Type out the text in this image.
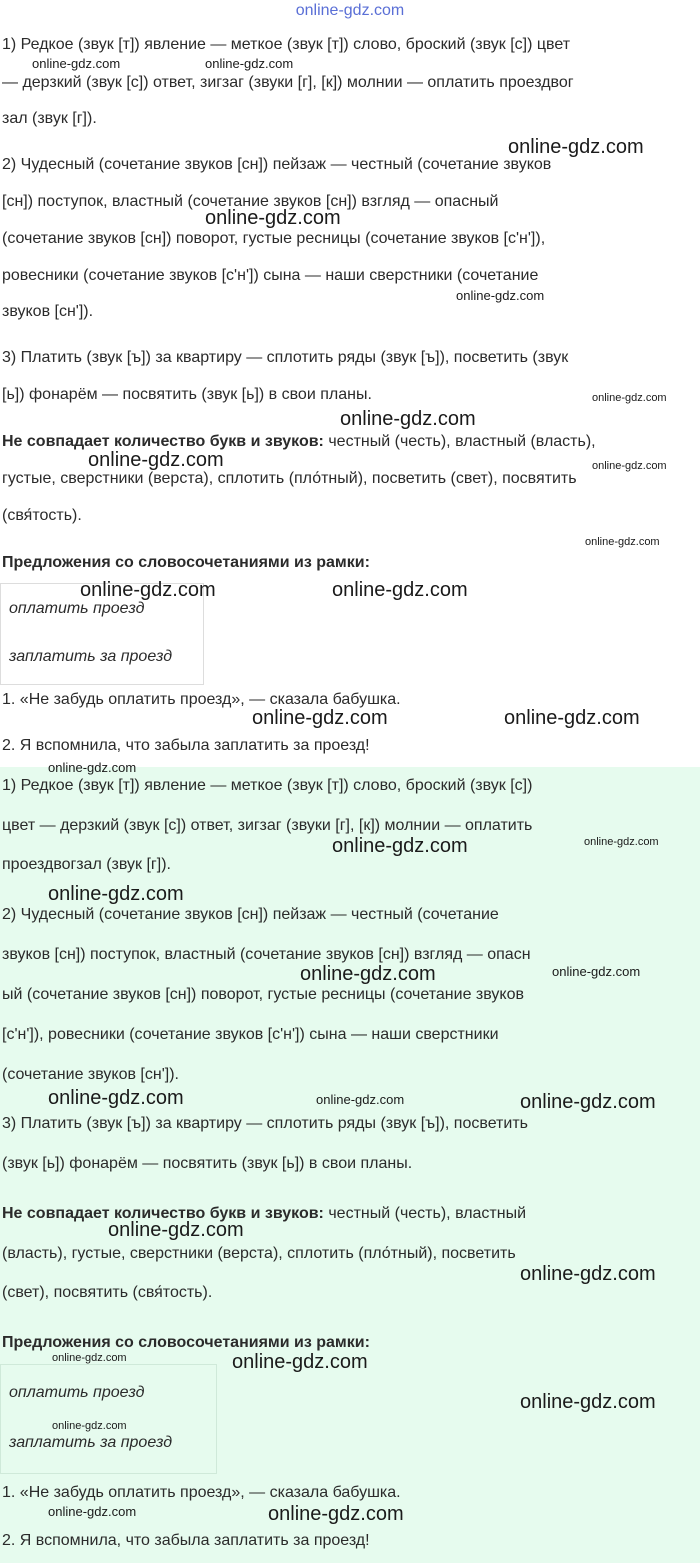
online-gdz.com
1) Редкое (звук [т]) явление — меткое (звук [т]) слово, броский (звук [с]) цвет
— дерзкий (звук [с]) ответ, зигзаг (звуки [г], [к]) молнии — оплатить проездвог
зал (звук [г]).
2) Чудесный (сочетание звуков [сн]) пейзаж — честный (сочетание звуков
[сн]) поступок, властный (сочетание звуков [сн]) взгляд — опасный
(сочетание звуков [сн]) поворот, густые ресницы (сочетание звуков [с'н']),
ровесники (сочетание звуков [с'н']) сына — наши сверстники (сочетание
звуков [сн']).
3) Платить (звук [ъ]) за квартиру — сплотить ряды (звук [ъ]), посветить (звук
[ь]) фонарём — посвятить (звук [ь]) в свои планы.
Не совпадает количество букв и звуков: честный (честь), властный (власть),
густые, сверстники (верста), сплотить (пло́тный), посветить (свет), посвятить
(свя́тость).
Предложения со словосочетаниями из рамки:
оплатить проезд
заплатить за проезд
1. «Не забудь оплатить проезд», — сказала бабушка.
2. Я вспомнила, что забыла заплатить за проезд!
1) Редкое (звук [т]) явление — меткое (звук [т]) слово, броский (звук [с])
цвет — дерзкий (звук [с]) ответ, зигзаг (звуки [г], [к]) молнии — оплатить
проездвогзал (звук [г]).
2) Чудесный (сочетание звуков [сн]) пейзаж — честный (сочетание
звуков [сн]) поступок, властный (сочетание звуков [сн]) взгляд — опасн
ый (сочетание звуков [сн]) поворот, густые ресницы (сочетание звуков
[с'н']), ровесники (сочетание звуков [с'н']) сына — наши сверстники
(сочетание звуков [сн']).
3) Платить (звук [ъ]) за квартиру — сплотить ряды (звук [ъ]), посветить
(звук [ь]) фонарём — посвятить (звук [ь]) в свои планы.
Не совпадает количество букв и звуков: честный (честь), властный
(власть), густые, сверстники (верста), сплотить (пло́тный), посветить
(свет), посвятить (свя́тость).
Предложения со словосочетаниями из рамки:
оплатить проезд
заплатить за проезд
1. «Не забудь оплатить проезд», — сказала бабушка.
2. Я вспомнила, что забыла заплатить за проезд!
online-gdz.com	online-gdz.com
online-gdz.com
online-gdz.com
online-gdz.com
online-gdz.com
online-gdz.com
online-gdz.com	online-gdz.com
online-gdz.com
online-gdz.com	online-gdz.com
online-gdz.com	online-gdz.com
online-gdz.com
online-gdz.com	online-gdz.com
online-gdz.com
online-gdz.com	online-gdz.com
online-gdz.com	online-gdz.com	online-gdz.com
online-gdz.com
online-gdz.com
online-gdz.com	online-gdz.com
online-gdz.com
online-gdz.com
online-gdz.com	online-gdz.com
